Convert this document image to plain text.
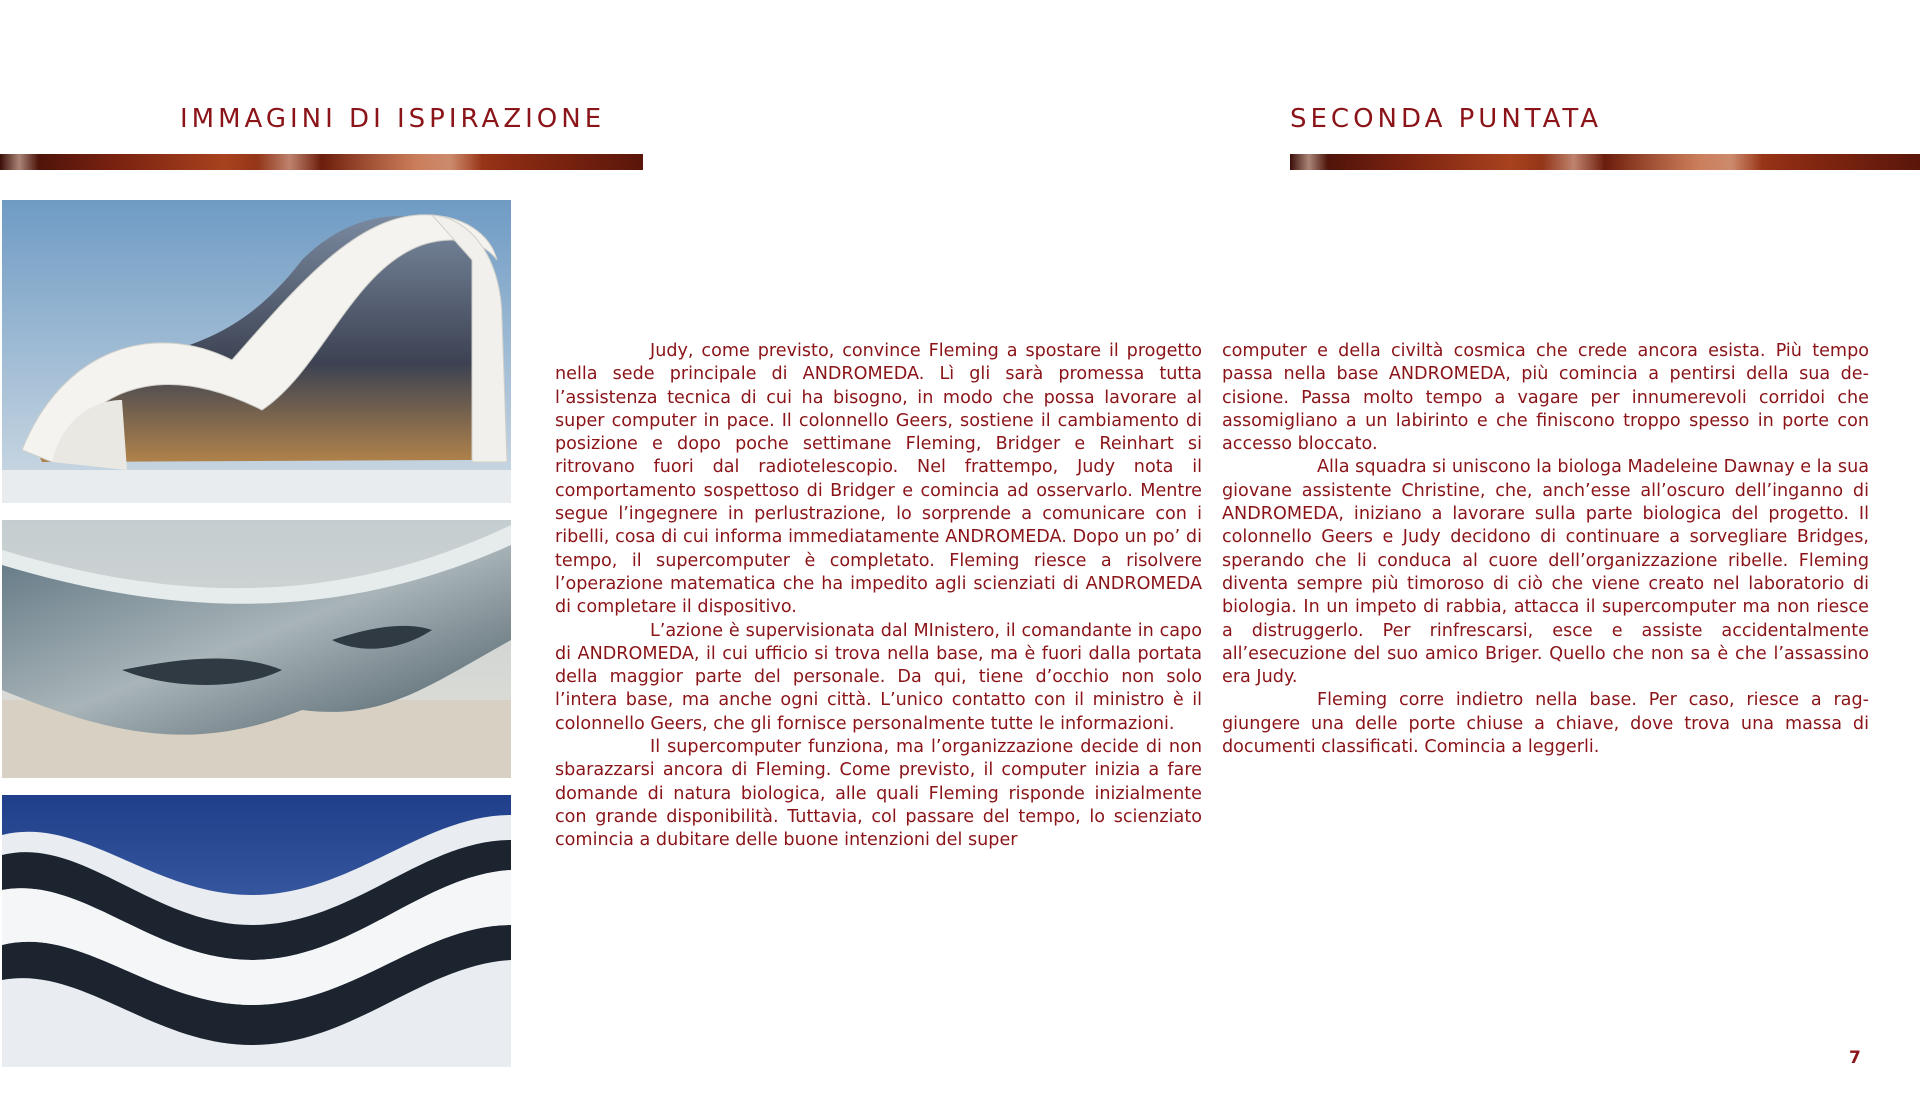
IMMAGINI DI ISPIRAZIONE	SECONDA PUNTATA

Judy, come previsto, convince Fleming a spostare il progetto nella sede principale di ANDROMEDA. Lì gli sarà promessa tutta l’assistenza tecnica di cui ha bisogno, in modo che possa lavorare al super computer in pace. Il colonnello Geers, sostiene il cambiamento di posizione e dopo poche settimane Fleming, Bridger e Reinhart si ritrovano fuori dal radiotelescopio. Nel frattempo, Judy nota il comportamento sospettoso di Bridger e comincia ad osservarlo. Mentre segue l’ingegnere in perlustrazione, lo sorprende a comunicare con i ribelli, cosa di cui informa immediatamente ANDROMEDA. Dopo un po’ di tempo, il supercomputer è completato. Fleming riesce a risolvere l’operazione matematica che ha impedito agli scienziati di ANDROMEDA di completare il dispositivo.

L’azione è supervisionata dal MInistero, il comandante in capo di ANDROMEDA, il cui ufficio si trova nella base, ma è fuori dalla portata della maggior parte del personale. Da qui, tiene d’occhio non solo l’intera base, ma anche ogni città. L’unico contatto con il ministro è il colonnello Geers, che gli fornisce personalmente tutte le informazioni.

Il supercomputer funziona, ma l’organizzazione decide di non sbarazzarsi ancora di Fleming. Come previsto, il computer inizia a fare domande di natura biologica, alle quali Fleming risponde inizialmente con grande disponibilità. Tuttavia, col passare del tempo, lo scienziato comincia a dubitare delle buone intenzioni del super

computer e della civiltà cosmica che crede ancora esista. Più tempo passa nella base ANDROMEDA, più comincia a pentirsi della sua decisione. Passa molto tempo a vagare per innumerevoli corridoi che assomigliano a un labirinto e che finiscono troppo spesso in porte con accesso bloccato.

Alla squadra si uniscono la biologa Madeleine Dawnay e la sua giovane assistente Christine, che, anch’esse all’oscuro dell’inganno di ANDROMEDA, iniziano a lavorare sulla parte biologica del progetto. Il colonnello Geers e Judy decidono di continuare a sorvegliare Bridges, sperando che li conduca al cuore dell’organizzazione ribelle. Fleming diventa sempre più timoroso di ciò che viene creato nel laboratorio di biologia. In un impeto di rabbia, attacca il supercomputer ma non riesce a distruggerlo. Per rinfrescarsi, esce e assiste accidentalmente all’esecuzione del suo amico Briger. Quello che non sa è che l’assassino era Judy.

Fleming corre indietro nella base. Per caso, riesce a raggiungere una delle porte chiuse a chiave, dove trova una massa di documenti classificati. Comincia a leggerli.

7
